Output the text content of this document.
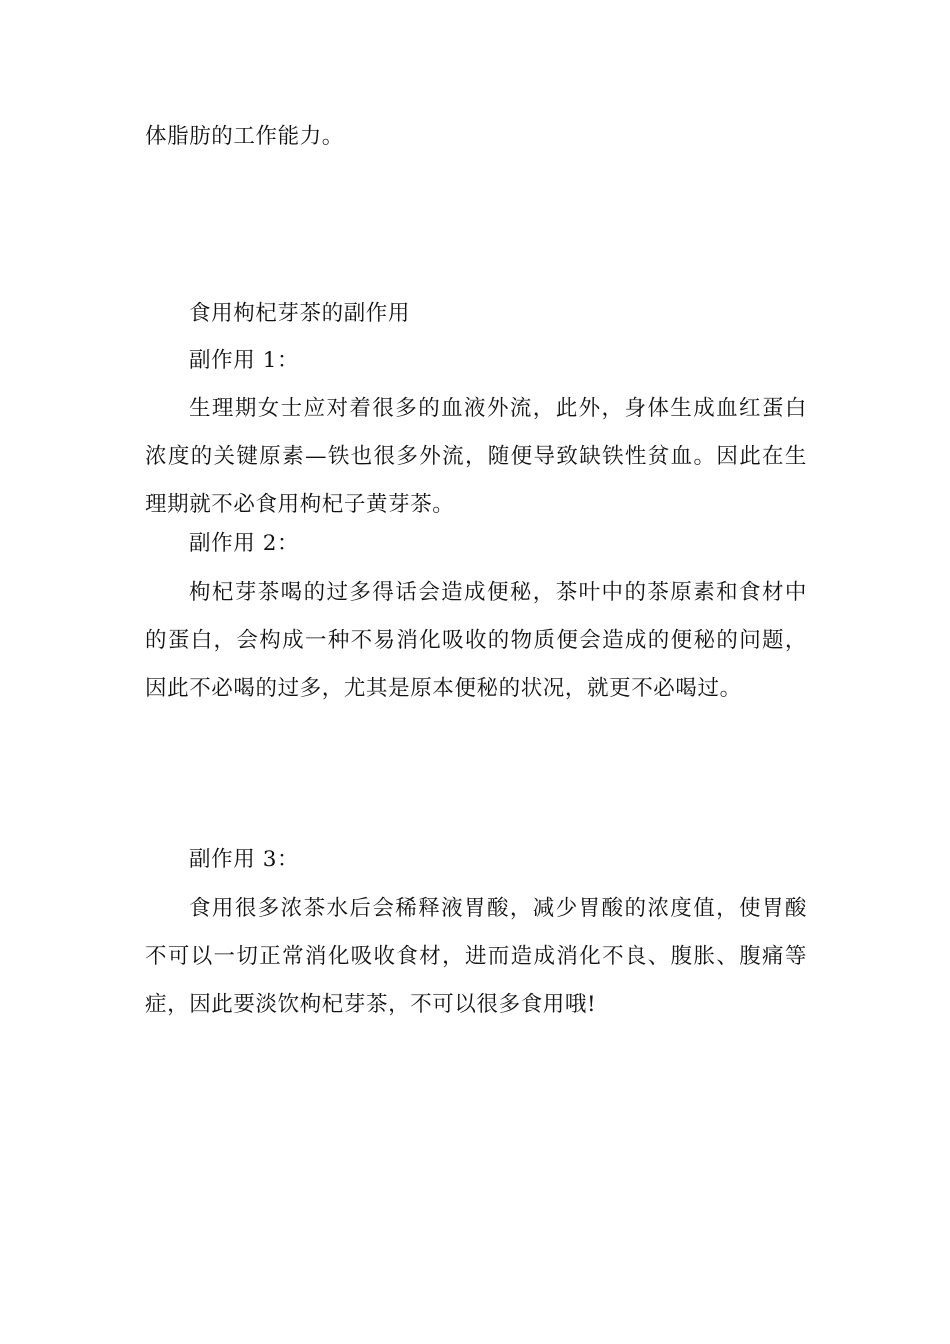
体脂肪的工作能力。

食用枸杞芽茶的副作用

副作用 1：

生理期女士应对着很多的血液外流，此外，身体生成血红蛋白浓度的关键原素—铁也很多外流，随便导致缺铁性贫血。因此在生理期就不必食用枸杞子黄芽茶。

副作用 2：

枸杞芽茶喝的过多得话会造成便秘，茶叶中的茶原素和食材中的蛋白，会构成一种不易消化吸收的物质便会造成的便秘的问题，因此不必喝的过多，尤其是原本便秘的状况，就更不必喝过。

副作用 3：

食用很多浓茶水后会稀释液胃酸，减少胃酸的浓度值，使胃酸不可以一切正常消化吸收食材，进而造成消化不良、腹胀、腹痛等症，因此要淡饮枸杞芽茶，不可以很多食用哦!
